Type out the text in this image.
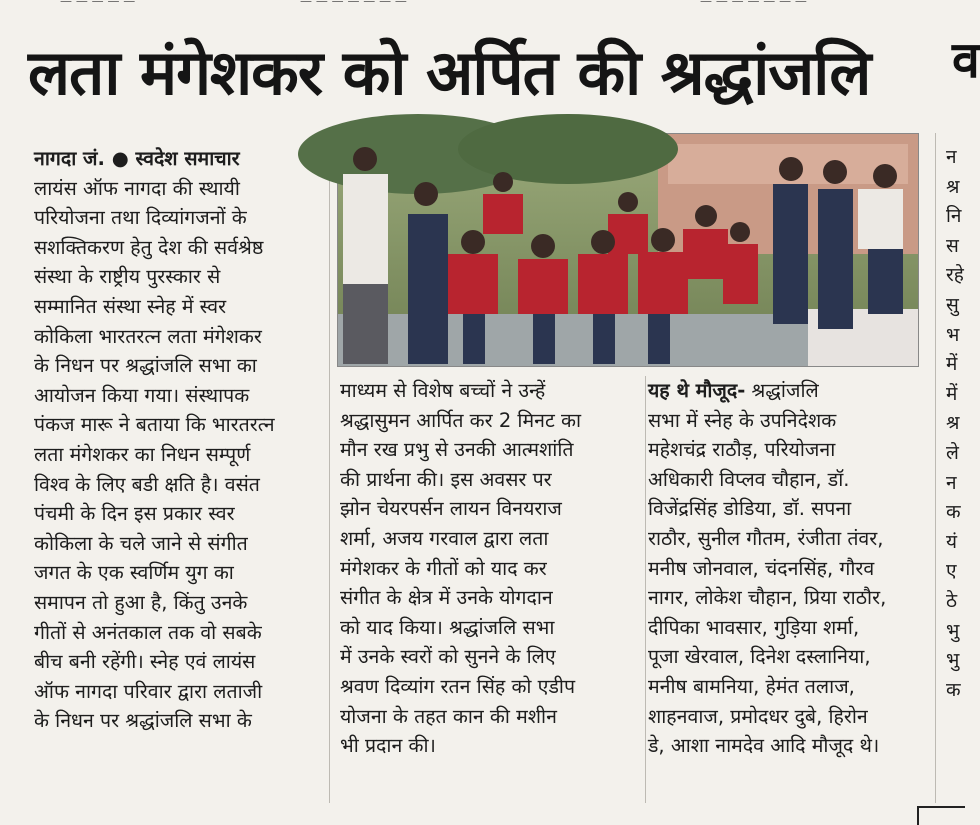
— — — — —	— — — — — — —	— — — — — — —
लता मंगेशकर को अर्पित की श्रद्धांजलि	व

नागदा जं. ● स्वदेश समाचार

लायंस ऑफ नागदा की स्थायी

परियोजना तथा दिव्यांगजनों के

सशक्तिकरण हेतु देश की सर्वश्रेष्ठ

संस्था के राष्ट्रीय पुरस्कार से

सम्मानित संस्था स्नेह में स्वर

कोकिला भारतरत्न लता मंगेशकर

के निधन पर श्रद्धांजलि सभा का

आयोजन किया गया। संस्थापक

पंकज मारू ने बताया कि भारतरत्न

लता मंगेशकर का निधन सम्पूर्ण

विश्व के लिए बडी क्षति है। वसंत

पंचमी के दिन इस प्रकार स्वर

कोकिला के चले जाने से संगीत

जगत के एक स्वर्णिम युग का

समापन तो हुआ है, किंतु उनके

गीतों से अनंतकाल तक वो सबके

बीच बनी रहेंगी। स्नेह एवं लायंस

ऑफ नागदा परिवार द्वारा लताजी

के निधन पर श्रद्धांजलि सभा के

माध्यम से विशेष बच्चों ने उन्हें

श्रद्धासुमन आर्पित कर 2 मिनट का

मौन रख प्रभु से उनकी आत्मशांति

की प्रार्थना की। इस अवसर पर

झोन चेयरपर्सन लायन विनयराज

शर्मा, अजय गरवाल द्वारा लता

मंगेशकर के गीतों को याद कर

संगीत के क्षेत्र में उनके योगदान

को याद किया। श्रद्धांजलि सभा

में उनके स्वरों को सुनने के लिए

श्रवण दिव्यांग रतन सिंह को एडीप

योजना के तहत कान की मशीन

भी प्रदान की।

यह थे मौजूद- श्रद्धांजलि

सभा में स्नेह के उपनिदेशक

महेशचंद्र राठौड़, परियोजना

अधिकारी विप्लव चौहान, डॉ.

विजेंद्रसिंह डोडिया, डॉ. सपना

राठौर, सुनील गौतम, रंजीता तंवर,

मनीष जोनवाल, चंदनसिंह, गौरव

नागर, लोकेश चौहान, प्रिया राठौर,

दीपिका भावसार, गुड़िया शर्मा,

पूजा खेरवाल, दिनेश दस्लानिया,

मनीष बामनिया, हेमंत तलाज,

शाहनवाज, प्रमोदधर दुबे, हिरोन

डे, आशा नामदेव आदि मौजूद थे।

न

श्र

नि

स

रहे

सु

भ

में

में

श्र

ले

न

क

यं

ए

ठे

भु

भु

क
